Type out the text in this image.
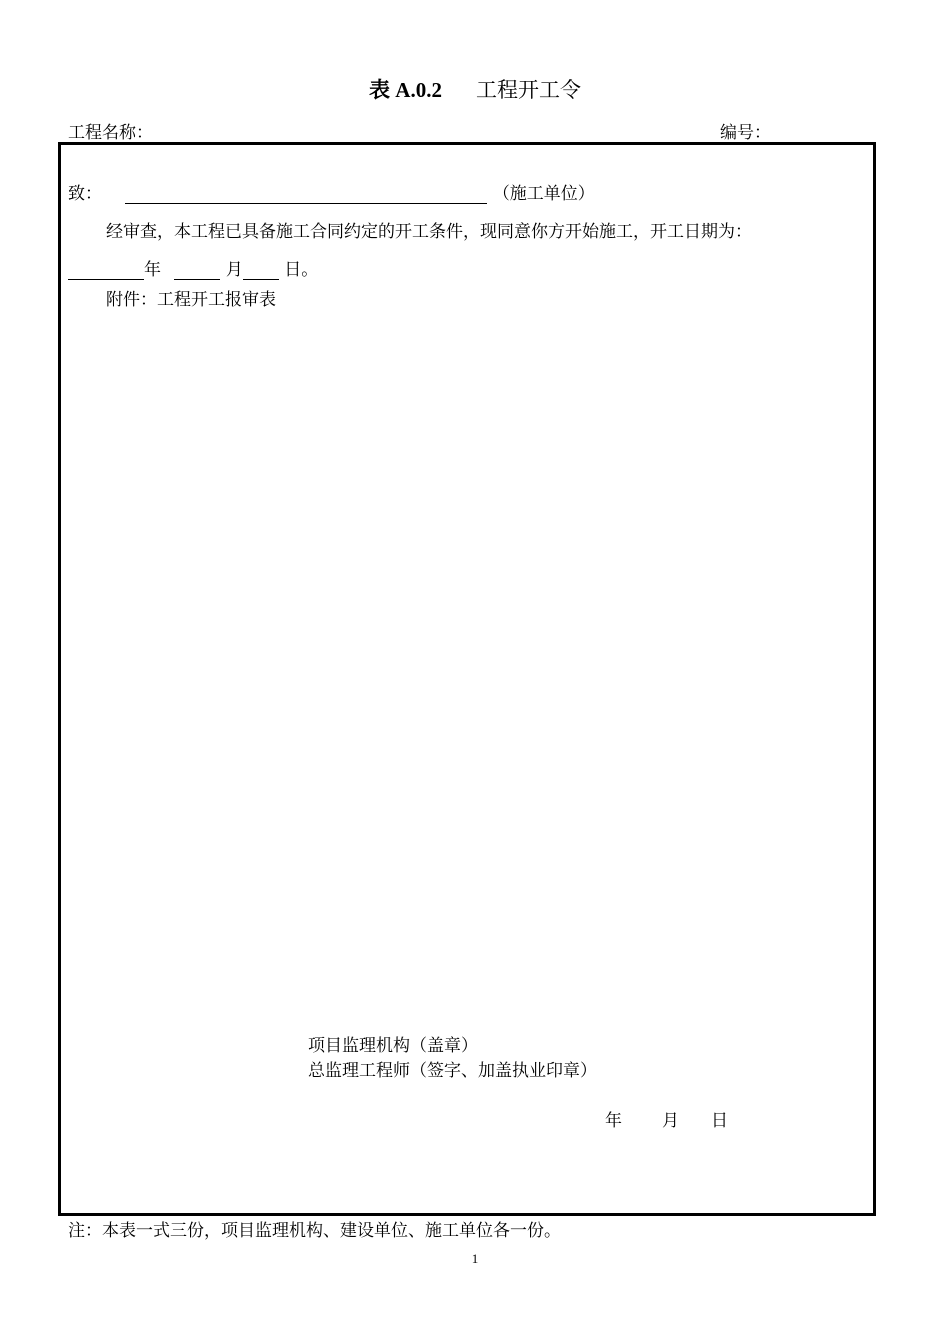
表 A.0.2 工程开工令
工程名称：	编号：
致：	（施工单位）
经审查，本工程已具备施工合同约定的开工条件，现同意你方开始施工，开工日期为：
年	月 日。
附件：工程开工报审表
项目监理机构（盖章）
总监理工程师（签字、加盖执业印章）
年 月 日
注：本表一式三份，项目监理机构、建设单位、施工单位各一份。
1
